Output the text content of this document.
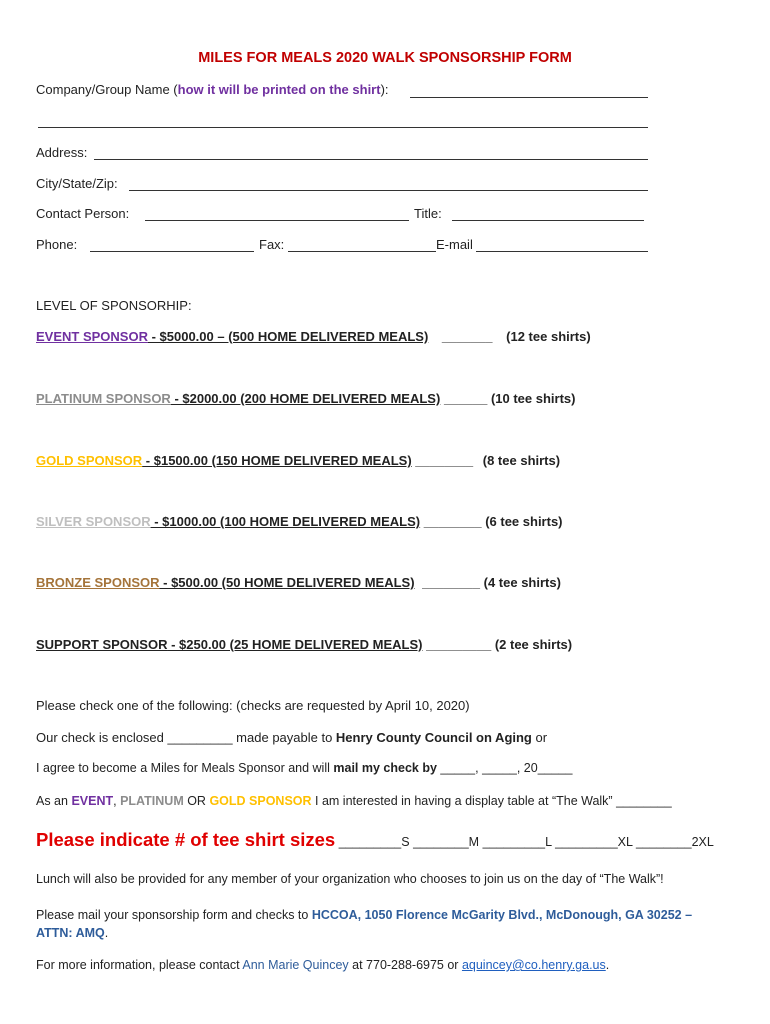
MILES FOR MEALS 2020 WALK SPONSORSHIP FORM
Company/Group Name (how it will be printed on the shirt):
Address:
City/State/Zip:
Contact Person:	Title:
Phone:	Fax:	E-mail
LEVEL OF SPONSORHIP:
EVENT SPONSOR - $5000.00 – (500 HOME DELIVERED MEALS) _______ (12 tee shirts)
PLATINUM SPONSOR - $2000.00 (200 HOME DELIVERED MEALS) ______ (10 tee shirts)
GOLD SPONSOR - $1500.00 (150 HOME DELIVERED MEALS) ________ (8 tee shirts)
SILVER SPONSOR - $1000.00 (100 HOME DELIVERED MEALS) ________ (6 tee shirts)
BRONZE SPONSOR - $500.00 (50 HOME DELIVERED MEALS) ________ (4 tee shirts)
SUPPORT SPONSOR - $250.00 (25 HOME DELIVERED MEALS) _________ (2 tee shirts)
Please check one of the following: (checks are requested by April 10, 2020)
Our check is enclosed _________ made payable to Henry County Council on Aging or
I agree to become a Miles for Meals Sponsor and will mail my check by _____, _____, 20_____
As an EVENT, PLATINUM OR GOLD SPONSOR I am interested in having a display table at “The Walk” ________
Please indicate # of tee shirt sizes _________S ________M _________L _________XL ________2XL
Lunch will also be provided for any member of your organization who chooses to join us on the day of “The Walk”!
Please mail your sponsorship form and checks to HCCOA, 1050 Florence McGarity Blvd., McDonough, GA 30252 –
ATTN: AMQ.
For more information, please contact Ann Marie Quincey at 770-288-6975 or aquincey@co.henry.ga.us.
